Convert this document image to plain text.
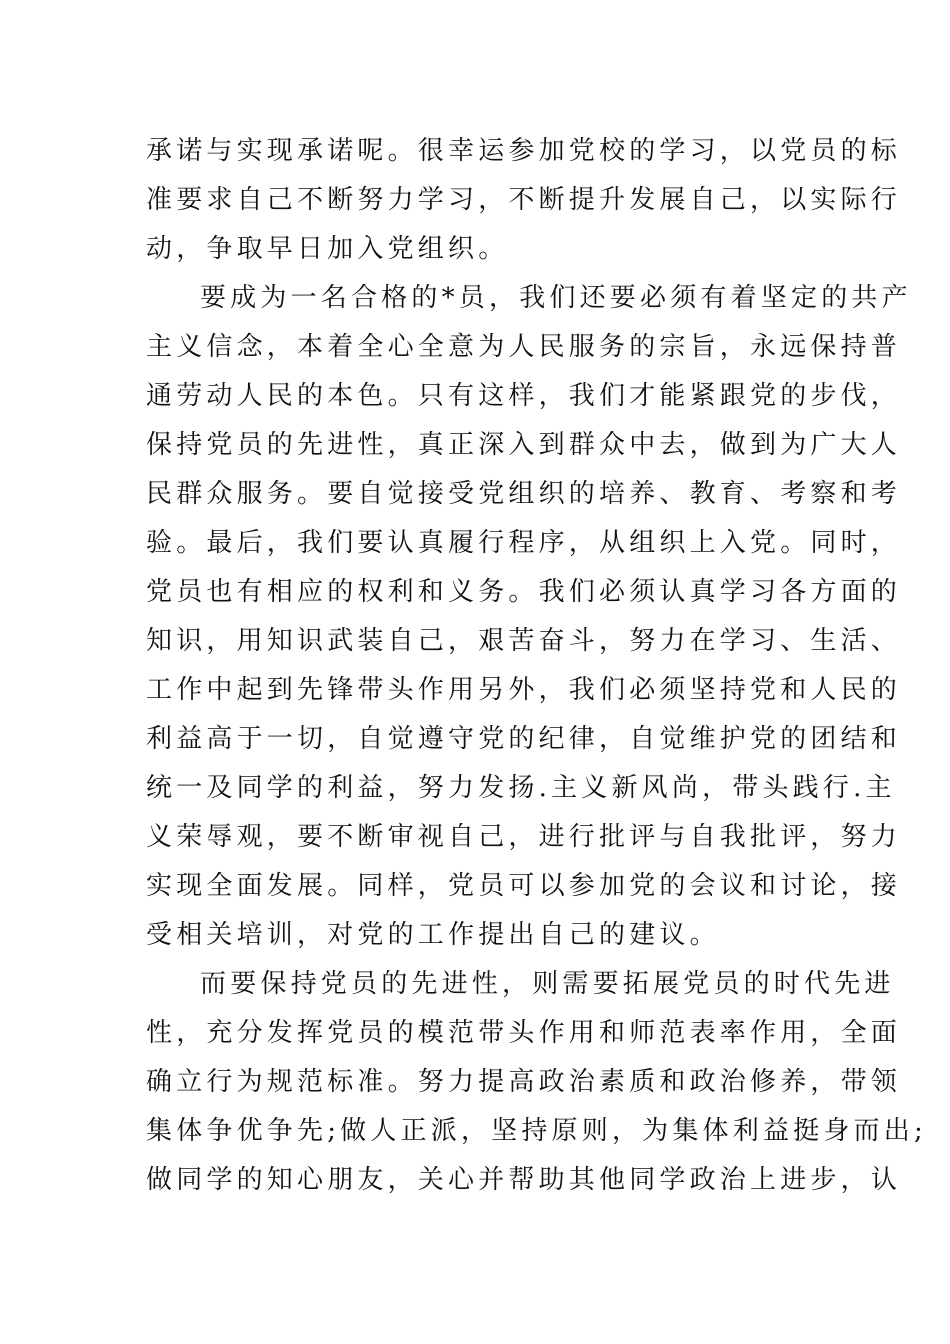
承诺与实现承诺呢。很幸运参加党校的学习，以党员的标

准要求自己不断努力学习，不断提升发展自己，以实际行

动，争取早日加入党组织。

要成为一名合格的*员，我们还要必须有着坚定的共产

主义信念，本着全心全意为人民服务的宗旨，永远保持普

通劳动人民的本色。只有这样，我们才能紧跟党的步伐，

保持党员的先进性，真正深入到群众中去，做到为广大人

民群众服务。要自觉接受党组织的培养、教育、考察和考

验。最后，我们要认真履行程序，从组织上入党。同时，

党员也有相应的权利和义务。我们必须认真学习各方面的

知识，用知识武装自己，艰苦奋斗，努力在学习、生活、

工作中起到先锋带头作用另外，我们必须坚持党和人民的

利益高于一切，自觉遵守党的纪律，自觉维护党的团结和

统一及同学的利益，努力发扬.主义新风尚，带头践行.主

义荣辱观，要不断审视自己，进行批评与自我批评，努力

实现全面发展。同样，党员可以参加党的会议和讨论，接

受相关培训，对党的工作提出自己的建议。

而要保持党员的先进性，则需要拓展党员的时代先进

性，充分发挥党员的模范带头作用和师范表率作用，全面

确立行为规范标准。努力提高政治素质和政治修养，带领

集体争优争先;做人正派，坚持原则，为集体利益挺身而出;

做同学的知心朋友，关心并帮助其他同学政治上进步，认
